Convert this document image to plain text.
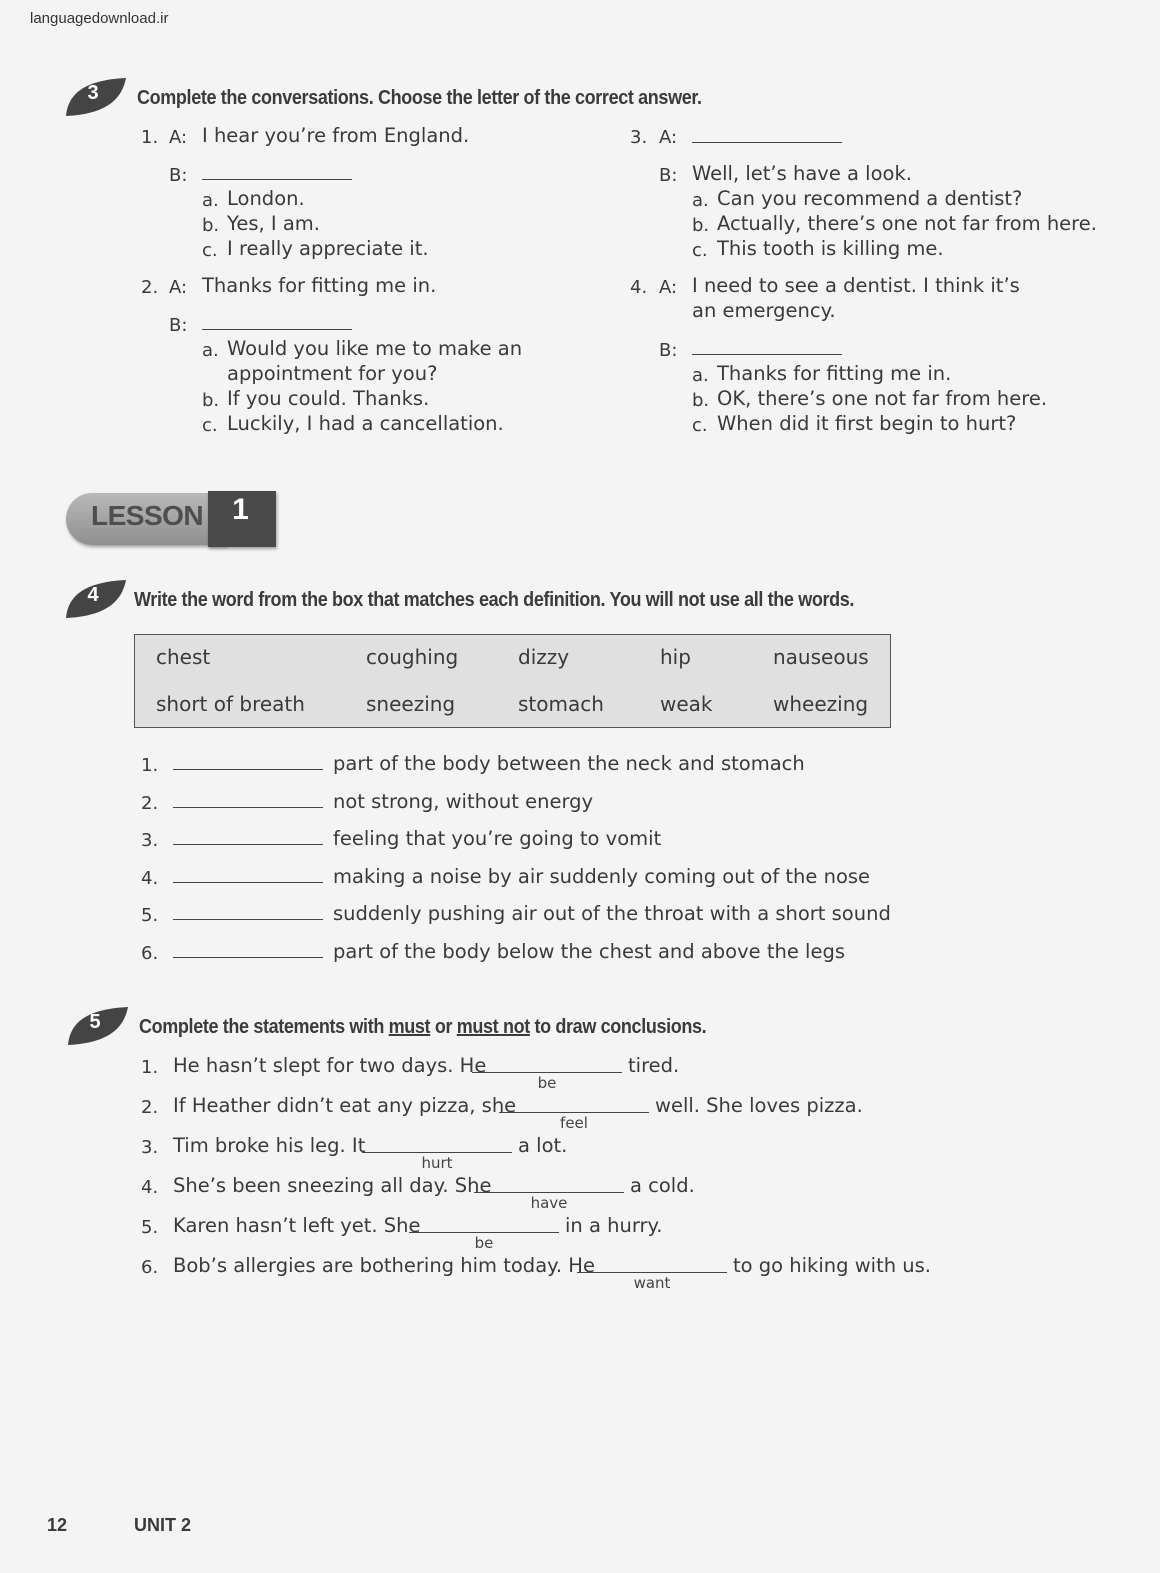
languagedownload.ir
3	Complete the conversations. Choose the letter of the correct answer.
1. A: I hear you’re from England.
B:
a. London.
b. Yes, I am.
c. I really appreciate it.
2. A: Thanks for fitting me in.
B:
a. Would you like me to make an
appointment for you?
b. If you could. Thanks.
c. Luckily, I had a cancellation.
3. A:
B: Well, let’s have a look.
a. Can you recommend a dentist?
b. Actually, there’s one not far from here.
c. This tooth is killing me.
4. A: I need to see a dentist. I think it’s
an emergency.
B:
a. Thanks for fitting me in.
b. OK, there’s one not far from here.
c. When did it first begin to hurt?
LESSON 1
4	Write the word from the box that matches each definition. You will not use all the words.
chest	coughing	dizzy	hip	nauseous
short of breath	sneezing	stomach	weak	wheezing
1.	part of the body between the neck and stomach
2.	not strong, without energy
3.	feeling that you’re going to vomit
4.	making a noise by air suddenly coming out of the nose
5.	suddenly pushing air out of the throat with a short sound
6.	part of the body below the chest and above the legs
5	Complete the statements with must or must not to draw conclusions.
1. He hasn’t slept for two days. He
be
tired.
2. If Heather didn’t eat any pizza, she
feel
well. She loves pizza.
3. Tim broke his leg. It
hurt
a lot.
4. She’s been sneezing all day. She
have
a cold.
5. Karen hasn’t left yet. She
be
in a hurry.
6. Bob’s allergies are bothering him today. He
want
to go hiking with us.
12	UNIT 2
